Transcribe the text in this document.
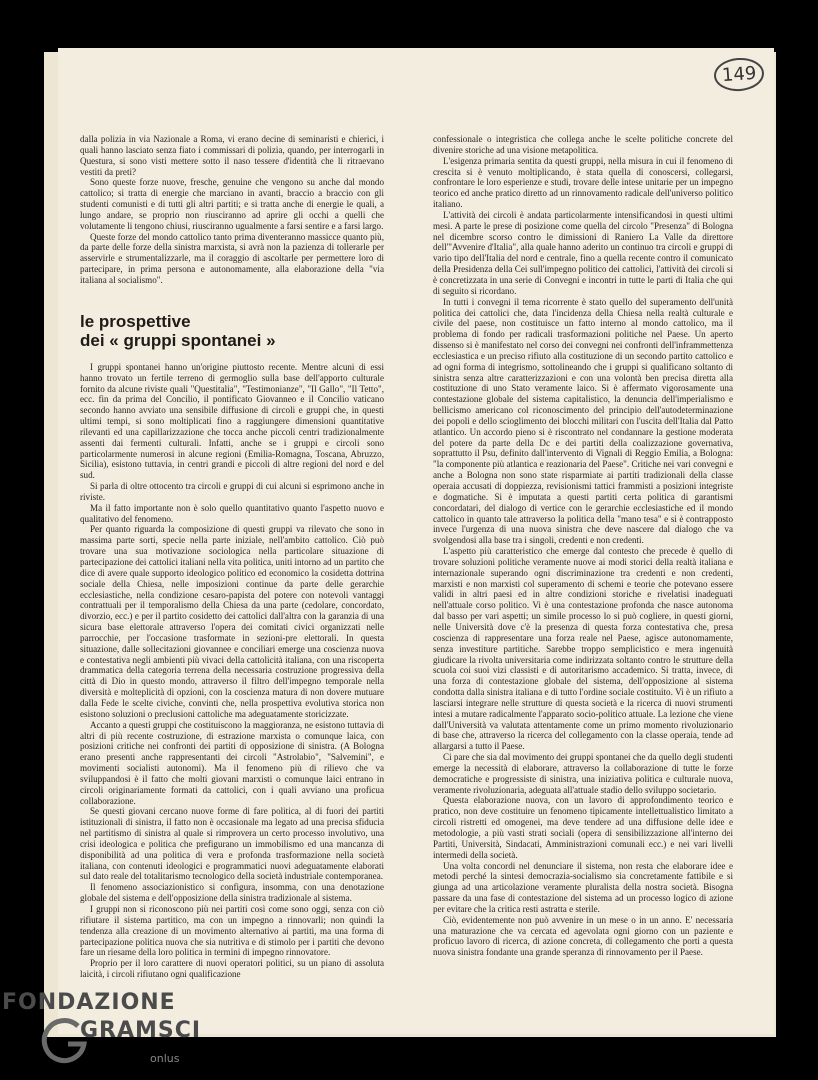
149

dalla polizia in via Nazionale a Roma, vi erano decine di seminaristi e chierici, i quali hanno lasciato senza fiato i commissari di polizia, quando, per interrogarli in Questura, si sono visti mettere sotto il naso tessere d'identità che li ritraevano vestiti da preti?

Sono queste forze nuove, fresche, genuine che vengono su anche dal mondo cattolico; si tratta di energie che marciano in avanti, braccio a braccio con gli studenti comunisti e di tutti gli altri partiti; e si tratta anche di energie le quali, a lungo andare, se proprio non riusciranno ad aprire gli occhi a quelli che volutamente li tengono chiusi, riusciranno ugualmente a farsi sentire e a farsi largo.

Queste forze del mondo cattolico tanto prima diventeranno massicce quanto più, da parte delle forze della sinistra marxista, si avrà non la pazienza di tollerarle per asservirle e strumentalizzarle, ma il coraggio di ascoltarle per permettere loro di partecipare, in prima persona e autonomamente, alla elaborazione della "via italiana al socialismo".

le prospettive
dei « gruppi spontanei »

I gruppi spontanei hanno un'origine piuttosto recente. Mentre alcuni di essi hanno trovato un fertile terreno di germoglio sulla base dell'apporto culturale fornito da alcune riviste quali "Questitalia", "Testimonianze", "Il Gallo", "Il Tetto", ecc. fin da prima del Concilio, il pontificato Giovanneo e il Concilio vaticano secondo hanno avviato una sensibile diffusione di circoli e gruppi che, in questi ultimi tempi, si sono moltiplicati fino a raggiungere dimensioni quantitative rilevanti ed una capillarizzazione che tocca anche piccoli centri tradizionalmente assenti dai fermenti culturali. Infatti, anche se i gruppi e circoli sono particolarmente numerosi in alcune regioni (Emilia-Romagna, Toscana, Abruzzo, Sicilia), esistono tuttavia, in centri grandi e piccoli di altre regioni del nord e del sud.

Si parla di oltre ottocento tra circoli e gruppi di cui alcuni si esprimono anche in riviste.

Ma il fatto importante non è solo quello quantitativo quanto l'aspetto nuovo e qualitativo del fenomeno.

Per quanto riguarda la composizione di questi gruppi va rilevato che sono in massima parte sorti, specie nella parte iniziale, nell'ambito cattolico. Ciò può trovare una sua motivazione sociologica nella particolare situazione di partecipazione dei cattolici italiani nella vita politica, uniti intorno ad un partito che dice di avere quale supporto ideologico politico ed economico la cosidetta dottrina sociale della Chiesa, nelle imposizioni continue da parte delle gerarchie ecclesiastiche, nella condizione cesaro-papista del potere con notevoli vantaggi contrattuali per il temporalismo della Chiesa da una parte (cedolare, concordato, divorzio, ecc.) e per il partito cosidetto dei cattolici dall'altra con la garanzia di una sicura base elettorale attraverso l'opera dei comitati civici organizzati nelle parrocchie, per l'occasione trasformate in sezioni-pre elettorali. In questa situazione, dalle sollecitazioni giovannee e conciliari emerge una coscienza nuova e contestativa negli ambienti più vivaci della cattolicità italiana, con una riscoperta drammatica della categoria terrena della necessaria costruzione progressiva della città di Dio in questo mondo, attraverso il filtro dell'impegno temporale nella diversità e molteplicità di opzioni, con la coscienza matura di non dovere mutuare dalla Fede le scelte civiche, convinti che, nella prospettiva evolutiva storica non esistono soluzioni o preclusioni cattoliche ma adeguatamente storicizzate.

Accanto a questi gruppi che costituiscono la maggioranza, ne esistono tuttavia di altri di più recente costruzione, di estrazione marxista o comunque laica, con posizioni critiche nei confronti dei partiti di opposizione di sinistra. (A Bologna erano presenti anche rappresentanti dei circoli "Astrolabio", "Salvemini", e movimenti socialisti autonomi). Ma il fenomeno più di rilievo che va sviluppandosi è il fatto che molti giovani marxisti o comunque laici entrano in circoli originariamente formati da cattolici, con i quali avviano una proficua collaborazione.

Se questi giovani cercano nuove forme di fare politica, al di fuori dei partiti istituzionali di sinistra, il fatto non è occasionale ma legato ad una precisa sfiducia nel partitismo di sinistra al quale si rimprovera un certo processo involutivo, una crisi ideologica e politica che prefigurano un immobilismo ed una mancanza di disponibilità ad una politica di vera e profonda trasformazione nella società italiana, con contenuti ideologici e programmatici nuovi adeguatamente elaborati sul dato reale del totalitarismo tecnologico della società industriale contemporanea.

Il fenomeno associazionistico si configura, insomma, con una denotazione globale del sistema e dell'opposizione della sinistra tradizionale al sistema.

I gruppi non si riconoscono più nei partiti così come sono oggi, senza con ciò rifiutare il sistema partitico, ma con un impegno a rinnovarli; non quindi la tendenza alla creazione di un movimento alternativo ai partiti, ma una forma di partecipazione politica nuova che sia nutritiva e di stimolo per i partiti che devono fare un riesame della loro politica in termini di impegno rinnovatore.

Proprio per il loro carattere di nuovi operatori politici, su un piano di assoluta laicità, i circoli rifiutano ogni qualificazione

confessionale o integristica che collega anche le scelte politiche concrete del divenire storiche ad una visione metapolitica.

L'esigenza primaria sentita da questi gruppi, nella misura in cui il fenomeno di crescita si è venuto moltiplicando, è stata quella di conoscersi, collegarsi, confrontare le loro esperienze e studi, trovare delle intese unitarie per un impegno teorico ed anche pratico diretto ad un rinnovamento radicale dell'universo politico italiano.

L'attività dei circoli è andata particolarmente intensificandosi in questi ultimi mesi. A parte le prese di posizione come quella del circolo "Presenza" di Bologna nel dicembre scorso contro le dimissioni di Raniero La Valle da direttore dell'"Avvenire d'Italia", alla quale hanno aderito un continuo tra circoli e gruppi di vario tipo dell'Italia del nord e centrale, fino a quella recente contro il comunicato della Presidenza della Cei sull'impegno politico dei cattolici, l'attività dei circoli si è concretizzata in una serie di Convegni e incontri in tutte le parti di Italia che qui di seguito si ricordano.

In tutti i convegni il tema ricorrente è stato quello del superamento dell'unità politica dei cattolici che, data l'incidenza della Chiesa nella realtà culturale e civile del paese, non costituisce un fatto interno al mondo cattolico, ma il problema di fondo per radicali trasformazioni politiche nel Paese. Un aperto dissenso si è manifestato nel corso dei convegni nei confronti dell'inframmettenza ecclesiastica e un preciso rifiuto alla costituzione di un secondo partito cattolico e ad ogni forma di integrismo, sottolineando che i gruppi si qualificano soltanto di sinistra senza altre caratterizzazioni e con una volontà ben precisa diretta alla costituzione di uno Stato veramente laico. Si è affermato vigorosamente una contestazione globale del sistema capitalistico, la denuncia dell'imperialismo e bellicismo americano col riconoscimento del principio dell'autodeterminazione dei popoli e dello scioglimento dei blocchi militari con l'uscita dell'Italia dal Patto atlantico. Un accordo pieno si è riscontrato nel condannare la gestione moderata del potere da parte della Dc e dei partiti della coalizzazione governativa, soprattutto il Psu, definito dall'intervento di Vignali di Reggio Emilia, a Bologna: "la componente più atlantica e reazionaria del Paese". Critiche nei vari convegni e anche a Bologna non sono state risparmiate ai partiti tradizionali della classe operaia accusati di doppiezza, revisionismi tattici frammisti a posizioni integriste e dogmatiche. Si è imputata a questi partiti certa politica di garantismi concordatari, del dialogo di vertice con le gerarchie ecclesiastiche ed il mondo cattolico in quanto tale attraverso la politica della "mano tesa" e si è contrapposto invece l'urgenza di una nuova sinistra che deve nascere dal dialogo che va svolgendosi alla base tra i singoli, credenti e non credenti.

L'aspetto più caratteristico che emerge dal contesto che precede è quello di trovare soluzioni politiche veramente nuove ai modi storici della realtà italiana e internazionale superando ogni discriminazione tra credenti e non credenti, marxisti e non marxisti col superamento di schemi e teorie che potevano essere validi in altri paesi ed in altre condizioni storiche e rivelatisi inadeguati nell'attuale corso politico. Vi è una contestazione profonda che nasce autonoma dal basso per vari aspetti; un simile processo lo si può cogliere, in questi giorni, nelle Università dove c'è la presenza di questa forza contestativa che, presa coscienza di rappresentare una forza reale nel Paese, agisce autonomamente, senza investiture partitiche. Sarebbe troppo semplicistico e mera ingenuità giudicare la rivolta universitaria come indirizzata soltanto contro le strutture della scuola coi suoi vizi classisti e di autoritarismo accademico. Si tratta, invece, di una forza di contestazione globale del sistema, dell'opposizione al sistema condotta dalla sinistra italiana e di tutto l'ordine sociale costituito. Vi è un rifiuto a lasciarsi integrare nelle strutture di questa società e la ricerca di nuovi strumenti intesi a mutare radicalmente l'apparato socio-politico attuale. La lezione che viene dall'Università va valutata attentamente come un primo momento rivoluzionario di base che, attraverso la ricerca del collegamento con la classe operaia, tende ad allargarsi a tutto il Paese.

Ci pare che sia dal movimento dei gruppi spontanei che da quello degli studenti emerge la necessità di elaborare, attraverso la collaborazione di tutte le forze democratiche e progressiste di sinistra, una iniziativa politica e culturale nuova, veramente rivoluzionaria, adeguata all'attuale stadio dello sviluppo societario.

Questa elaborazione nuova, con un lavoro di approfondimento teorico e pratico, non deve costituire un fenomeno tipicamente intellettualistico limitato a circoli ristretti ed omogenei, ma deve tendere ad una diffusione delle idee e metodologie, a più vasti strati sociali (opera di sensibilizzazione all'interno dei Partiti, Università, Sindacati, Amministrazioni comunali ecc.) e nei vari livelli intermedi della società.

Una volta concordi nel denunciare il sistema, non resta che elaborare idee e metodi perché la sintesi democrazia-socialismo sia concretamente fattibile e si giunga ad una articolazione veramente pluralista della nostra società. Bisogna passare da una fase di contestazione del sistema ad un processo logico di azione per evitare che la critica resti astratta e sterile.

Ciò, evidentemente non può avvenire in un mese o in un anno. E' necessaria una maturazione che va cercata ed agevolata ogni giorno con un paziente e proficuo lavoro di ricerca, di azione concreta, di collegamento che porti a questa nuova sinistra fondante una grande speranza di rinnovamento per il Paese.

FONDAZIONE
GRAMSCI
onlus
